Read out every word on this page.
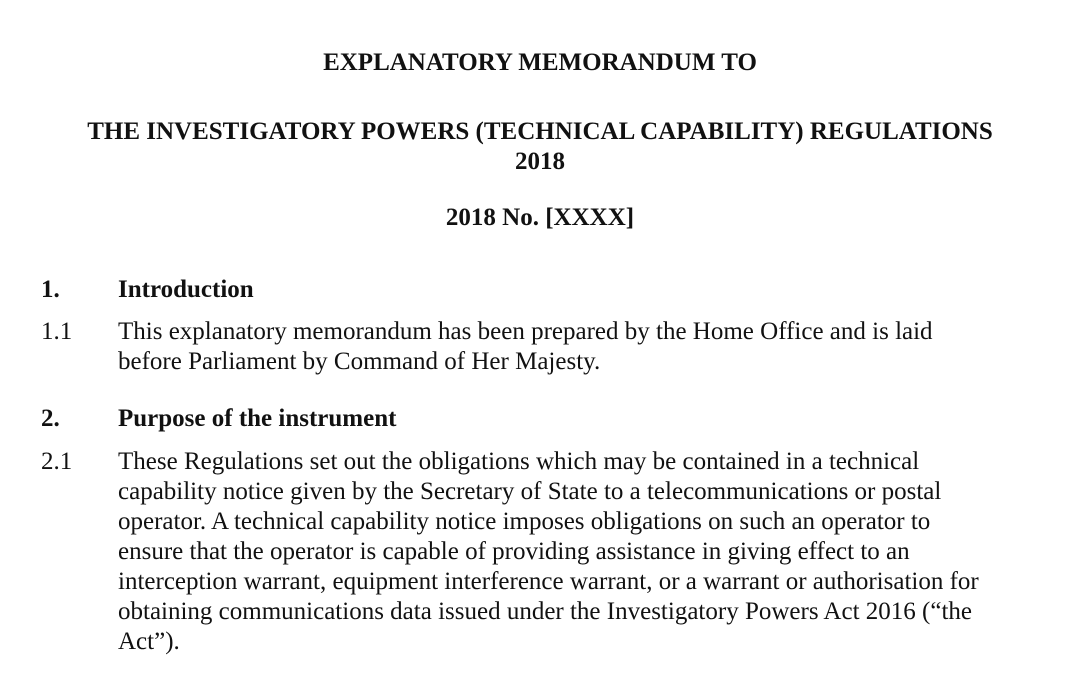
EXPLANATORY MEMORANDUM TO
THE INVESTIGATORY POWERS (TECHNICAL CAPABILITY) REGULATIONS
2018
2018 No. [XXXX]
1. Introduction
1.1 This explanatory memorandum has been prepared by the Home Office and is laid
before Parliament by Command of Her Majesty.
2. Purpose of the instrument
2.1 These Regulations set out the obligations which may be contained in a technical
capability notice given by the Secretary of State to a telecommunications or postal
operator. A technical capability notice imposes obligations on such an operator to
ensure that the operator is capable of providing assistance in giving effect to an
interception warrant, equipment interference warrant, or a warrant or authorisation for
obtaining communications data issued under the Investigatory Powers Act 2016 (“the
Act”).
